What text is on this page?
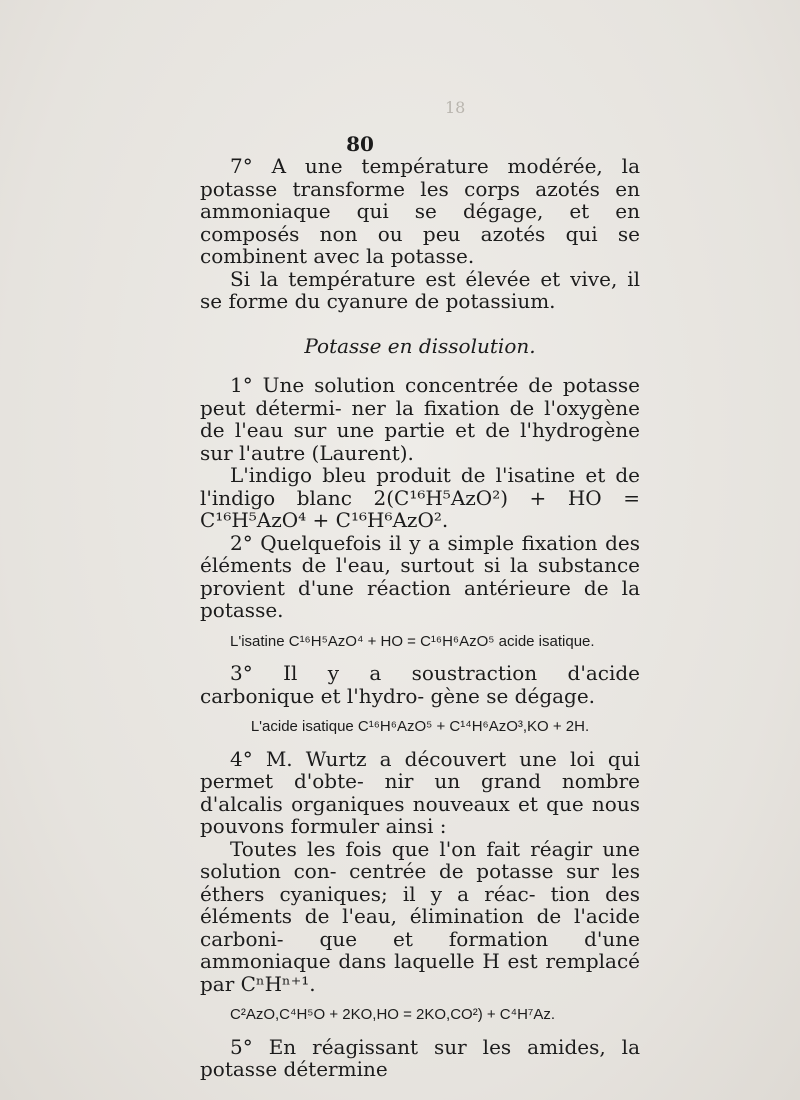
18
80

7° A une température modérée, la potasse transforme les corps azotés en ammoniaque qui se dégage, et en composés non ou peu azotés qui se combinent avec la potasse.

Si la température est élevée et vive, il se forme du cyanure de potassium.

Potasse en dissolution.

1° Une solution concentrée de potasse peut détermi- ner la fixation de l'oxygène de l'eau sur une partie et de l'hydrogène sur l'autre (Laurent).

L'indigo bleu produit de l'isatine et de l'indigo blanc 2(C¹⁶H⁵AzO²) + HO = C¹⁶H⁵AzO⁴ + C¹⁶H⁶AzO².

2° Quelquefois il y a simple fixation des éléments de l'eau, surtout si la substance provient d'une réaction antérieure de la potasse.

L'isatine C¹⁶H⁵AzO⁴ + HO = C¹⁶H⁶AzO⁵ acide isatique.

3° Il y a soustraction d'acide carbonique et l'hydro- gène se dégage.

L'acide isatique C¹⁶H⁶AzO⁵ + C¹⁴H⁶AzO³,KO + 2H.

4° M. Wurtz a découvert une loi qui permet d'obte- nir un grand nombre d'alcalis organiques nouveaux et que nous pouvons formuler ainsi :

Toutes les fois que l'on fait réagir une solution con- centrée de potasse sur les éthers cyaniques; il y a réac- tion des éléments de l'eau, élimination de l'acide carboni- que et formation d'une ammoniaque dans laquelle H est remplacé par CⁿHⁿ⁺¹.

C²AzO,C⁴H⁵O + 2KO,HO = 2KO,CO²) + C⁴H⁷Az.

5° En réagissant sur les amides, la potasse détermine
